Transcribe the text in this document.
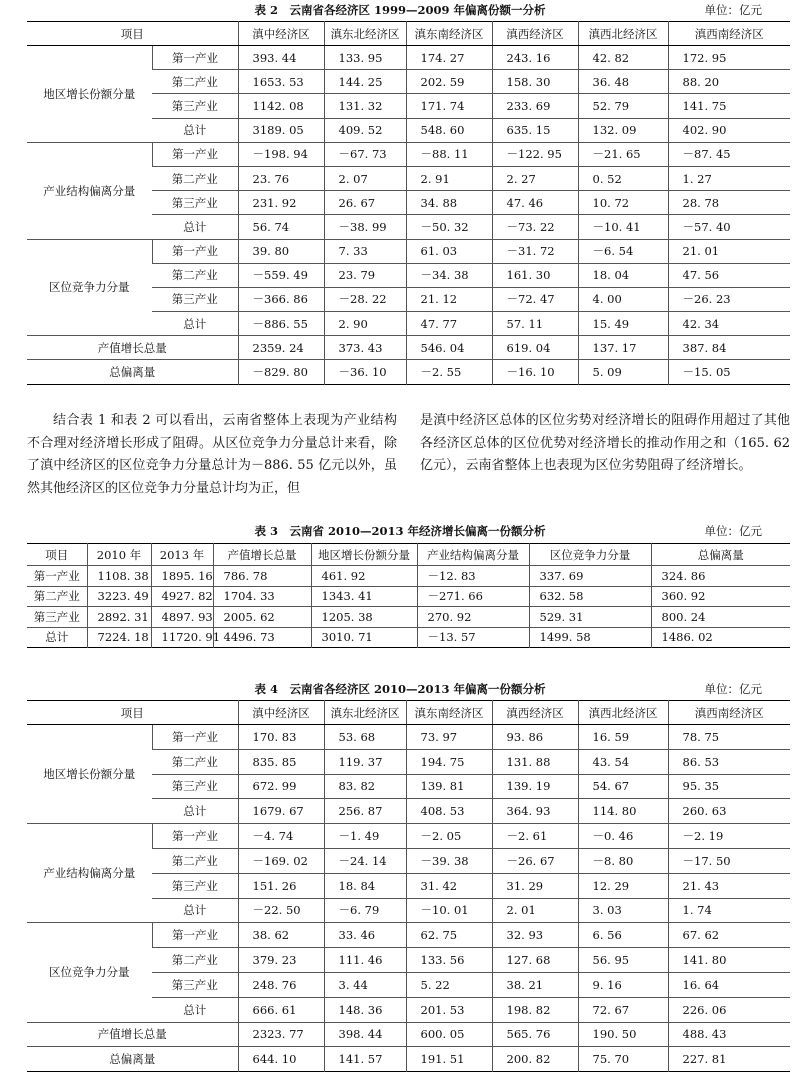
表 2　云南省各经济区 1999—2009 年偏离份额一分析	单位：亿元
项目		滇中经济区	滇东北经济区	滇东南经济区	滇西经济区	滇西北经济区	滇西南经济区
地区增长份额分量	第一产业	393. 44	133. 95	174. 27	243. 16	42. 82	172. 95
	第二产业	1653. 53	144. 25	202. 59	158. 30	36. 48	88. 20
	第三产业	1142. 08	131. 32	171. 74	233. 69	52. 79	141. 75
	总计	3189. 05	409. 52	548. 60	635. 15	132. 09	402. 90
产业结构偏离分量	第一产业	－198. 94	－67. 73	－88. 11	－122. 95	－21. 65	－87. 45
	第二产业	23. 76	2. 07	2. 91	2. 27	0. 52	1. 27
	第三产业	231. 92	26. 67	34. 88	47. 46	10. 72	28. 78
	总计	56. 74	－38. 99	－50. 32	－73. 22	－10. 41	－57. 40
区位竞争力分量	第一产业	39. 80	7. 33	61. 03	－31. 72	－6. 54	21. 01
	第二产业	－559. 49	23. 79	－34. 38	161. 30	18. 04	47. 56
	第三产业	－366. 86	－28. 22	21. 12	－72. 47	4. 00	－26. 23
	总计	－886. 55	2. 90	47. 77	57. 11	15. 49	42. 34
产值增长总量		2359. 24	373. 43	546. 04	619. 04	137. 17	387. 84
总偏离量		－829. 80	－36. 10	－2. 55	－16. 10	5. 09	－15. 05
结合表 1 和表 2 可以看出，云南省整体上表现为产业结构不合理对经济增长形成了阻碍。从区位竞争力分量总计来看，除了滇中经济区的区位竞争力分量总计为－886. 55 亿元以外，虽然其他经济区的区位竞争力分量总计均为正，但
是滇中经济区总体的区位劣势对经济增长的阻碍作用超过了其他各经济区总体的区位优势对经济增长的推动作用之和（165. 62 亿元），云南省整体上也表现为区位劣势阻碍了经济增长。
表 3　云南省 2010—2013 年经济增长偏离一份额分析	单位：亿元
项目	2010 年	2013 年	产值增长总量	地区增长份额分量	产业结构偏离分量	区位竞争力分量	总偏离量
第一产业	1108. 38	1895. 16	786. 78	461. 92	－12. 83	337. 69	324. 86
第二产业	3223. 49	4927. 82	1704. 33	1343. 41	－271. 66	632. 58	360. 92
第三产业	2892. 31	4897. 93	2005. 62	1205. 38	270. 92	529. 31	800. 24
总计	7224. 18	11720. 91	4496. 73	3010. 71	－13. 57	1499. 58	1486. 02
表 4　云南省各经济区 2010—2013 年偏离一份额分析	单位：亿元
项目		滇中经济区	滇东北经济区	滇东南经济区	滇西经济区	滇西北经济区	滇西南经济区
地区增长份额分量	第一产业	170. 83	53. 68	73. 97	93. 86	16. 59	78. 75
	第二产业	835. 85	119. 37	194. 75	131. 88	43. 54	86. 53
	第三产业	672. 99	83. 82	139. 81	139. 19	54. 67	95. 35
	总计	1679. 67	256. 87	408. 53	364. 93	114. 80	260. 63
产业结构偏离分量	第一产业	－4. 74	－1. 49	－2. 05	－2. 61	－0. 46	－2. 19
	第二产业	－169. 02	－24. 14	－39. 38	－26. 67	－8. 80	－17. 50
	第三产业	151. 26	18. 84	31. 42	31. 29	12. 29	21. 43
	总计	－22. 50	－6. 79	－10. 01	2. 01	3. 03	1. 74
区位竞争力分量	第一产业	38. 62	33. 46	62. 75	32. 93	6. 56	67. 62
	第二产业	379. 23	111. 46	133. 56	127. 68	56. 95	141. 80
	第三产业	248. 76	3. 44	5. 22	38. 21	9. 16	16. 64
	总计	666. 61	148. 36	201. 53	198. 82	72. 67	226. 06
产值增长总量		2323. 77	398. 44	600. 05	565. 76	190. 50	488. 43
总偏离量		644. 10	141. 57	191. 51	200. 82	75. 70	227. 81
